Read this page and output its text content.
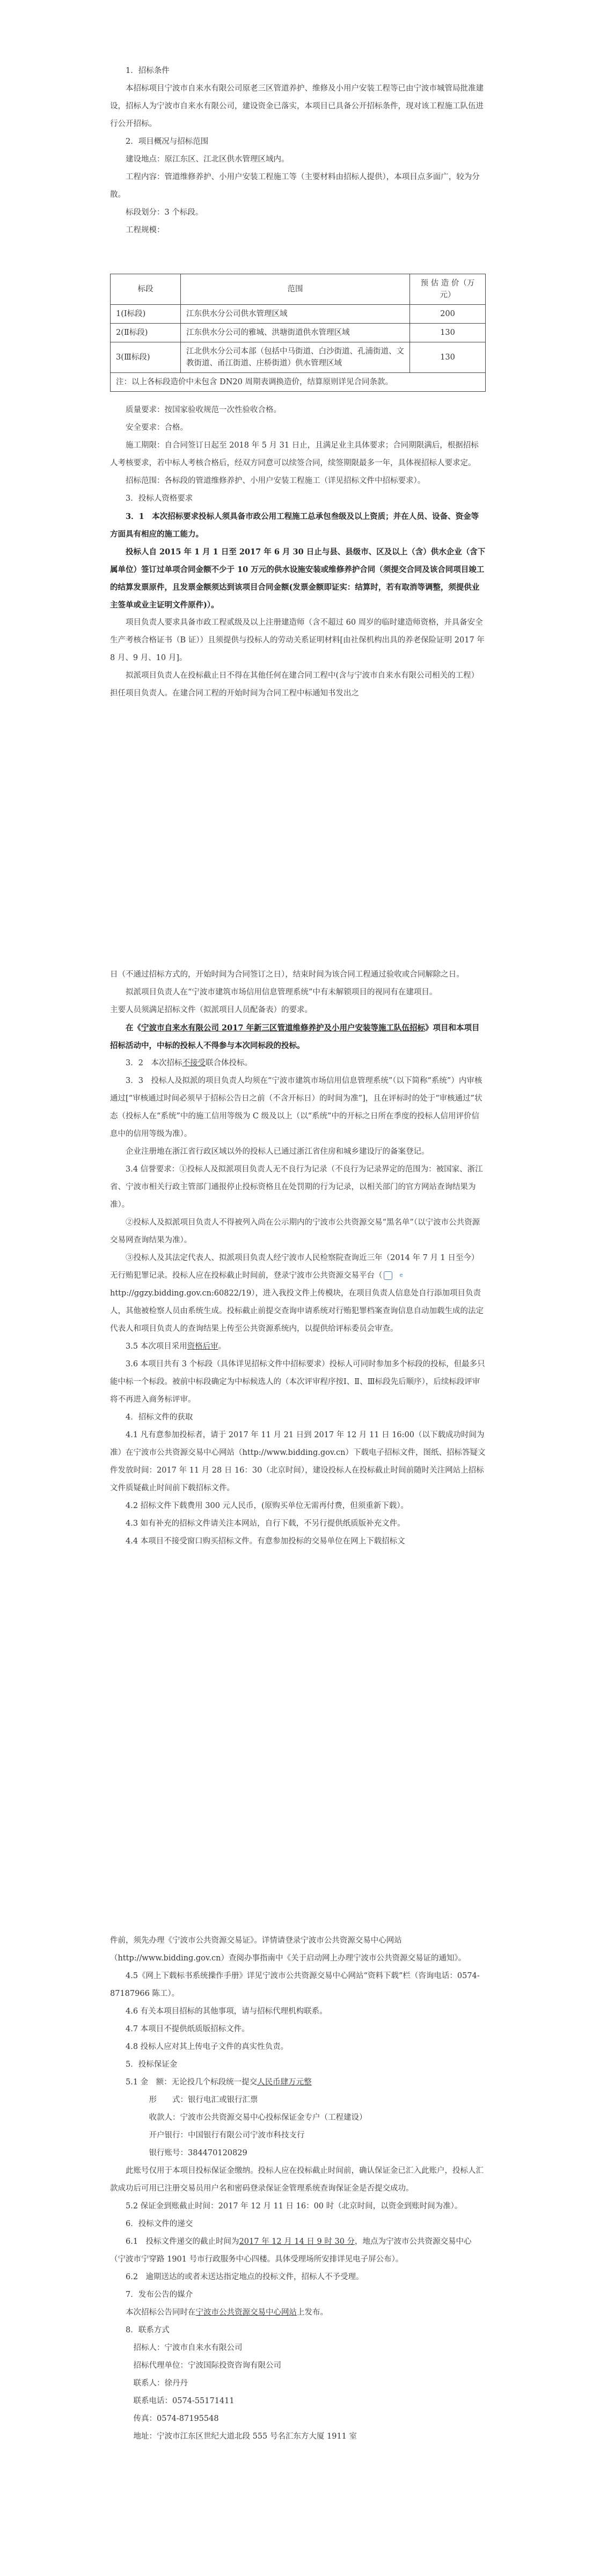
1．招标条件

本招标项目宁波市自来水有限公司原老三区管道养护、维修及小用户安装工程等已由宁波市城管局批准建设，招标人为宁波市自来水有限公司，建设资金已落实，本项目已具备公开招标条件，现对该工程施工队伍进行公开招标。

2．项目概况与招标范围

建设地点：原江东区、江北区供水管理区域内。

工程内容：管道维修养护、小用户安装工程施工等（主要材料由招标人提供），本项目点多面广，较为分散。

标段划分：3 个标段。

工程规模：

标段	范围	预 估 造 价（万元）
1(Ⅰ标段)	江东供水分公司供水管理区域	200
2(Ⅱ标段)	江东供水分公司的雅城、洪塘街道供水管理区域	130
3(Ⅲ标段)	江北供水分公司本部（包括中马街道、白沙街道、孔浦街道、文教街道、甬江街道、庄桥街道）供水管理区域	130
注：以上各标段造价中未包含 DN20 周期表调换造价，结算原则详见合同条款。		

质量要求：按国家验收规范一次性验收合格。

安全要求：合格。

施工期限：自合同签订日起至 2018 年 5 月 31 日止，且满足业主具体要求；合同期限满后，根据招标人考核要求，若中标人考核合格后，经双方同意可以续签合同，续签期限最多一年，具体视招标人要求定。

招标范围：各标段的管道维修养护、小用户安装工程施工（详见招标文件中招标要求）。

3．投标人资格要求

3．1　本次招标要求投标人须具备市政公用工程施工总承包叁级及以上资质；并在人员、设备、资金等方面具有相应的施工能力。

投标人自 2015 年 1 月 1 日至 2017 年 6 月 30 日止与县、县级市、区及以上（含）供水企业（含下属单位）签订过单项合同金额不少于 10 万元的供水设施安装或维修养护合同（须提交合同及该合同项目竣工的结算发票原件，且发票金额须达到该项目合同金额(发票金额即证实：结算时，若有取消等调整，须提供业主签单或业主证明文件原件)）。

项目负责人要求具备市政工程贰级及以上注册建造师（含不超过 60 周岁的临时建造师资格，并具备安全生产考核合格证书（B 证））且须提供与投标人的劳动关系证明材料[由社保机构出具的养老保险证明 2017 年 8 月、9 月、10 月]。

拟派项目负责人在投标截止日不得在其他任何在建合同工程中(含与宁波市自来水有限公司相关的工程）担任项目负责人。在建合同工程的开始时间为合同工程中标通知书发出之

日（不通过招标方式的，开始时间为合同签订之日），结束时间为该合同工程通过验收或合同解除之日。

拟派项目负责人在“宁波市建筑市场信用信息管理系统”中有未解锁项目的视同有在建项目。

主要人员须满足招标文件（拟派项目人员配备表）的要求。

在《宁波市自来水有限公司 2017 年新三区管道维修养护及小用户安装等施工队伍招标》项目和本项目招标活动中，中标的投标人不得参与本次同标段的投标。

3．2　本次招标不接受联合体投标。

3．3　投标人及拟派的项目负责人均须在“宁波市建筑市场信用信息管理系统”（以下简称“系统”）内审核通过[“审核通过时间必须早于招标公告日之前（不含开标日）的时间为准”]，且在评标时的处于“审核通过”状态（投标人在“系统”中的施工信用等级为 C 级及以上（以“系统”中的开标之日所在季度的投标人信用评价信息中的信用等级为准）。

企业注册地在浙江省行政区域以外的投标人已通过浙江省住房和城乡建设厅的备案登记。

3.4 信誉要求：①投标人及拟派项目负责人无不良行为记录（不良行为记录界定的范围为：被国家、浙江省、宁波市相关行政主管部门通报停止投标资格且在处罚期的行为记录，以相关部门的官方网站查询结果为准）。

②投标人及拟派项目负责人不得被列入尚在公示期内的宁波市公共资源交易“黑名单”（以宁波市公共资源交易网查询结果为准）。

③投标人及其法定代表人、拟派项目负责人经宁波市人民检察院查询近三年（2014 年 7 月 1 日至今）无行贿犯罪记录。投标人应在投标截止时间前，登录宁波市公共资源交易平台（	ehttp://ggzy.bidding.gov.cn:60822/19），进入我投文件上传模块，在项目负责人信息处自行添加项目负责人，其他被检察人员由系统生成。投标截止前提交查询申请系统对行贿犯罪档案查询信息自动加载生成的法定代表人和项目负责人的查询结果上传至公共资源系统内，以提供给评标委员会审查。

3.5 本次项目采用资格后审。

3.6 本项目共有 3 个标段（具体详见招标文件中招标要求）投标人可同时参加多个标段的投标，但最多只能中标一个标段。被前中标段确定为中标候选人的（本次评审程序按Ⅰ、Ⅱ、Ⅲ标段先后顺序），后续标段评审将不再进入商务标评审。

4．招标文件的获取

4.1 凡有意参加投标者，请于 2017 年 11 月 21 日到 2017 年 12 月 11 日 16:00（以下载成功时间为准）在宁波市公共资源交易中心网站（http://www.bidding.gov.cn）下载电子招标文件，图纸、招标答疑文件发放时间：2017 年 11 月 28 日 16：30（北京时间），建设投标人在投标截止时间前随时关注网站上招标文件质疑截止时间前下载招标文件。

4.2 招标文件下载费用 300 元人民币，(原购买单位无需再付费，但须重新下载）。

4.3 如有补充的招标文件请关注本网站，自行下载，不另行提供纸质版补充文件。

4.4 本项目不接受窗口购买招标文件。有意参加投标的交易单位在网上下载招标文

件前，须先办理《宁波市公共资源交易证》。详情请登录宁波市公共资源交易中心网站（http://www.bidding.gov.cn）查阅办事指南中《关于启动网上办理宁波市公共资源交易证的通知》。

4.5《网上下载标书系统操作手册》详见宁波市公共资源交易中心网站“资料下载”栏（咨询电话：0574-87187966 陈工）。

4.6 有关本项目招标的其他事项，请与招标代理机构联系。

4.7 本项目不提供纸质版招标文件。

4.8 投标人应对其上传电子文件的真实性负责。

5．投标保证金

5.1 金　额：无论投几个标段统一提交人民币肆万元整

形　　式：银行电汇或银行汇票

收款人：宁波市公共资源交易中心投标保证金专户（工程建设）

开户银行：中国银行有限公司宁波市科技支行

银行账号：384470120829

此账号仅用于本项目投标保证金缴纳。投标人应在投标截止时间前，确认保证金已汇入此账户，投标人汇款成功后可用已注册交易员用户名和密码登录保证金管理系统查询保证金是否提交成功。

5.2 保证金到账截止时间：2017 年 12 月 11 日 16：00 时（北京时间，以资金到账时间为准）。

6．投标文件的递交

6.1　投标文件递交的截止时间为2017 年 12 月 14 日 9 时 30 分，地点为宁波市公共资源交易中心（宁波市宁穿路 1901 号市行政服务中心四楼。具体受理场所安排详见电子屏公布）。

6.2　逾期送达的或者未送达指定地点的投标文件，招标人不予受理。

7．发布公告的媒介

本次招标公告同时在宁波市公共资源交易中心网站上发布。

8．联系方式

招标人：宁波市自来水有限公司

招标代理单位：宁波国际投资咨询有限公司

联系人：徐丹丹

联系电话：0574-55171411

传真：0574-87195548

地址：宁波市江东区世纪大道北段 555 号名汇东方大厦 1911 室
